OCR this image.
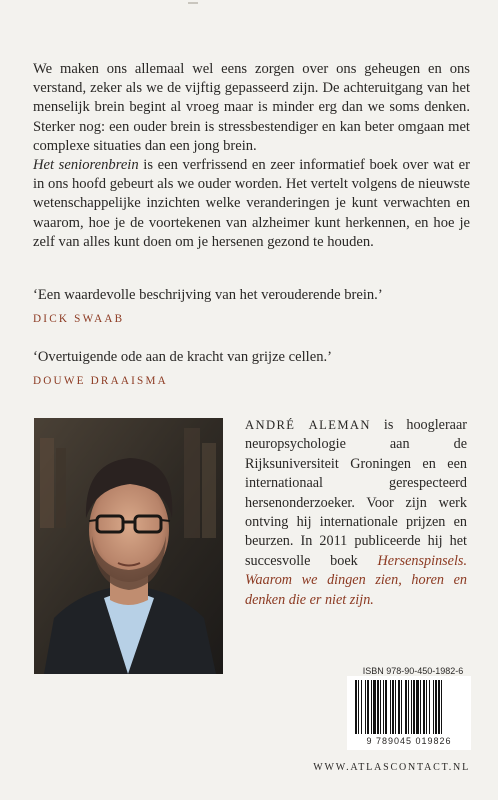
We maken ons allemaal wel eens zorgen over ons geheugen en ons verstand, zeker als we de vijftig gepasseerd zijn. De achteruitgang van het menselijk brein begint al vroeg maar is minder erg dan we soms denken. Sterker nog: een ouder brein is stressbestendiger en kan beter omgaan met complexe situaties dan een jong brein.
Het seniorenbrein is een verfrissend en zeer informatief boek over wat er in ons hoofd gebeurt als we ouder worden. Het vertelt volgens de nieuwste wetenschappelijke inzichten welke veranderingen je kunt verwachten en waarom, hoe je de voortekenen van alzheimer kunt herkennen, en hoe je zelf van alles kunt doen om je hersenen gezond te houden.

‘Een waardevolle beschrijving van het verouderende brein.’

DICK SWAAB

‘Overtuigende ode aan de kracht van grijze cellen.’

DOUWE DRAAISMA

ANDRÉ ALEMAN is hoogleraar neuropsychologie aan de Rijksuniversiteit Groningen en een internationaal gerespecteerd hersenonderzoeker. Voor zijn werk ontving hij internationale prijzen en beurzen. In 2011 publiceerde hij het succesvolle boek Hersenspinsels. Waarom we dingen zien, horen en denken die er niet zijn.

ISBN 978-90-450-1982-6
9 789045 019826
WWW.ATLASCONTACT.NL
